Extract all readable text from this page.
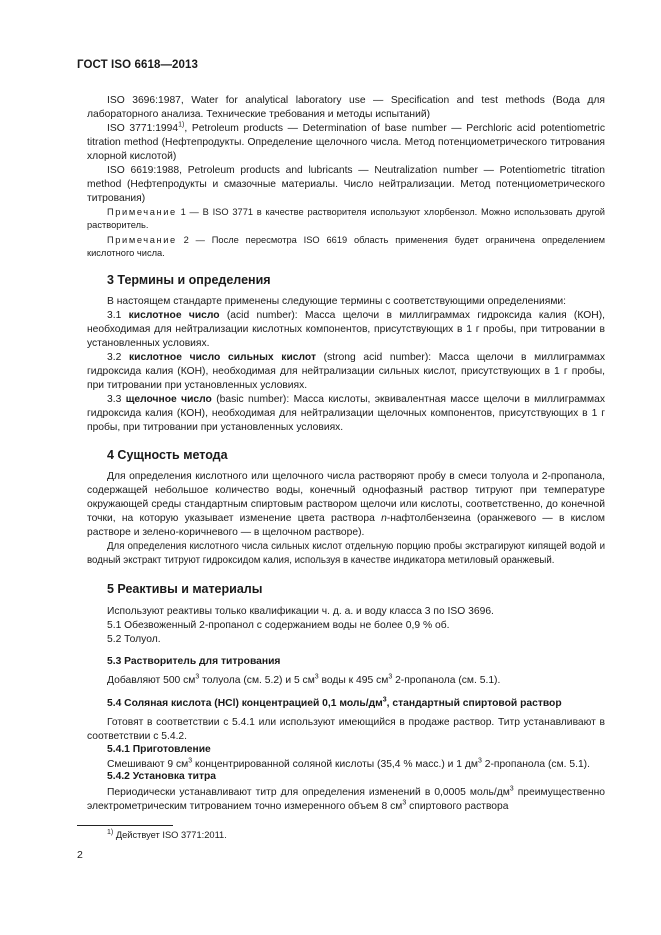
ГОСТ ISO 6618—2013

ISO 3696:1987, Water for analytical laboratory use — Specification and test methods (Вода для лабораторного анализа. Технические требования и методы испытаний)

ISO 3771:1994$^{1)}$, Petroleum products — Determination of base number — Perchloric acid potentiometric titration method (Нефтепродукты. Определение щелочного числа. Метод потенциометрического титрования хлорной кислотой)

ISO 6619:1988, Petroleum products and lubricants — Neutralization number — Potentiometric titration method (Нефтепродукты и смазочные материалы. Число нейтрализации. Метод потенциометрического титрования)

Примечание 1 — В ISO 3771 в качестве растворителя используют хлорбензол. Можно использовать другой растворитель.

Примечание 2 — После пересмотра ISO 6619 область применения будет ограничена определением кислотного числа.

3 Термины и определения

В настоящем стандарте применены следующие термины с соответствующими определениями:

3.1 кислотное число (acid number): Масса щелочи в миллиграммах гидроксида калия (КОН), необходимая для нейтрализации кислотных компонентов, присутствующих в 1 г пробы, при титровании в установленных условиях.

3.2 кислотное число сильных кислот (strong acid number): Масса щелочи в миллиграммах гидроксида калия (КОН), необходимая для нейтрализации сильных кислот, присутствующих в 1 г пробы, при титровании при установленных условиях.

3.3 щелочное число (basic number): Масса кислоты, эквивалентная массе щелочи в миллиграммах гидроксида калия (КОН), необходимая для нейтрализации щелочных компонентов, присутствующих в 1 г пробы, при титровании при установленных условиях.

4 Сущность метода

Для определения кислотного или щелочного числа растворяют пробу в смеси толуола и 2-пропанола, содержащей небольшое количество воды, конечный однофазный раствор титруют при температуре окружающей среды стандартным спиртовым раствором щелочи или кислоты, соответственно, до конечной точки, на которую указывает изменение цвета раствора n-нафтолбензеина (оранжевого — в кислом растворе и зелено-коричневого — в щелочном растворе).

Для определения кислотного числа сильных кислот отдельную порцию пробы экстрагируют кипящей водой и водный экстракт титруют гидроксидом калия, используя в качестве индикатора метиловый оранжевый.

5 Реактивы и материалы

Используют реактивы только квалификации ч. д. а. и воду класса 3 по ISO 3696.

5.1 Обезвоженный 2-пропанол с содержанием воды не более 0,9 % об.

5.2 Толуол.

5.3 Растворитель для титрования

Добавляют 500 $см^3$ толуола (см. 5.2) и 5 $см^3$ воды к 495 $см^3$ 2-пропанола (см. 5.1).

5.4 Соляная кислота (HCl) концентрацией 0,1 моль/$дм^3$, стандартный спиртовой раствор

Готовят в соответствии с 5.4.1 или используют имеющийся в продаже раствор. Титр устанавливают в соответствии с 5.4.2.

5.4.1 Приготовление

Смешивают 9 $см^3$ концентрированной соляной кислоты (35,4 % масс.) и 1 $дм^3$ 2-пропанола (см. 5.1).

5.4.2 Установка титра

Периодически устанавливают титр для определения изменений в 0,0005 моль/$дм^3$ преимущественно электрометрическим титрованием точно измеренного объем 8 $см^3$ спиртового раствора

$^{1)}$ Действует ISO 3771:2011.
2
